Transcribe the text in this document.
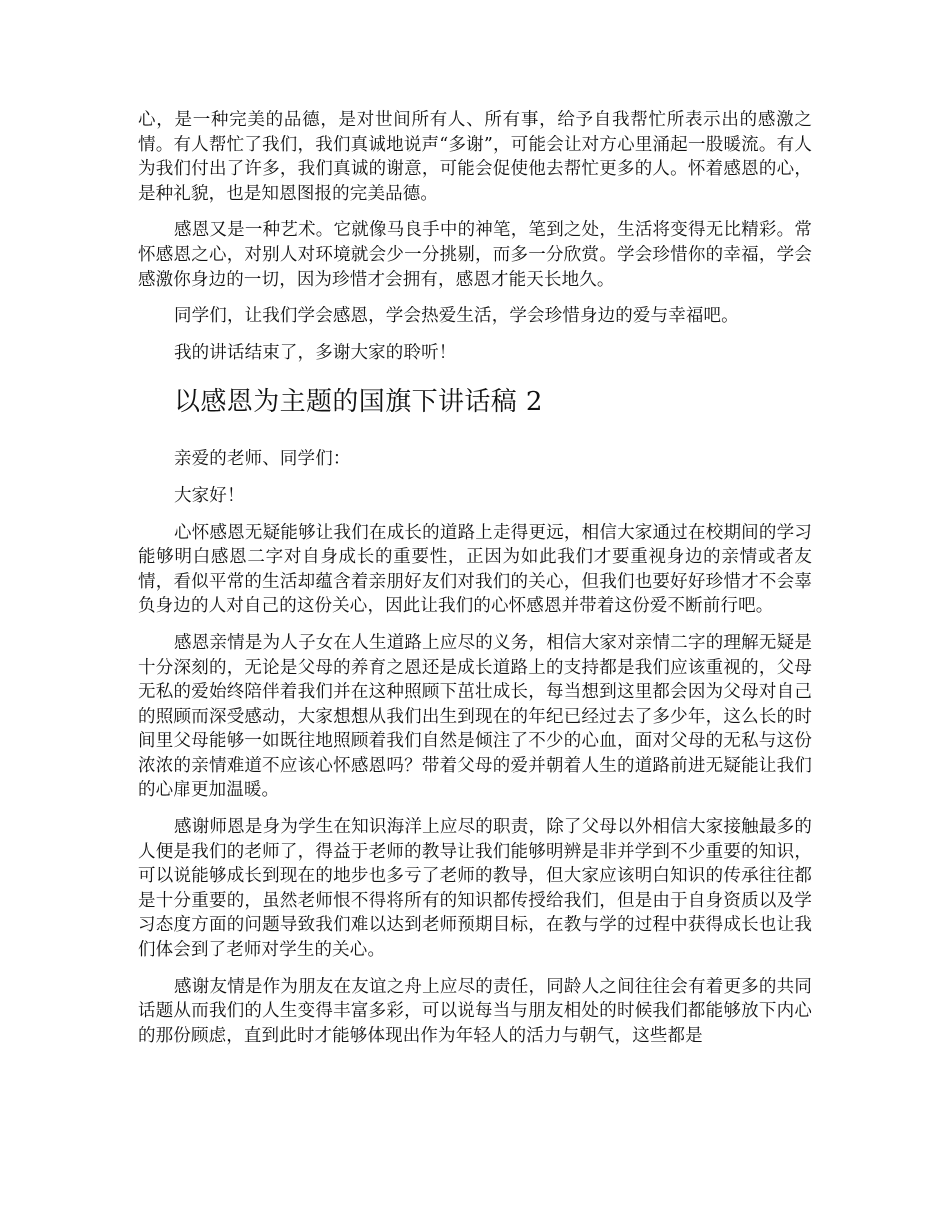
心，是一种完美的品德，是对世间所有人、所有事，给予自我帮忙所表示出的感激之情。有人帮忙了我们，我们真诚地说声“多谢”，可能会让对方心里涌起一股暖流。有人为我们付出了许多，我们真诚的谢意，可能会促使他去帮忙更多的人。怀着感恩的心，是种礼貌，也是知恩图报的完美品德。

感恩又是一种艺术。它就像马良手中的神笔，笔到之处，生活将变得无比精彩。常怀感恩之心，对别人对环境就会少一分挑剔，而多一分欣赏。学会珍惜你的幸福，学会感激你身边的一切，因为珍惜才会拥有，感恩才能天长地久。

同学们，让我们学会感恩，学会热爱生活，学会珍惜身边的爱与幸福吧。

我的讲话结束了，多谢大家的聆听！

以感恩为主题的国旗下讲话稿 2

亲爱的老师、同学们：

大家好！

心怀感恩无疑能够让我们在成长的道路上走得更远，相信大家通过在校期间的学习能够明白感恩二字对自身成长的重要性，正因为如此我们才要重视身边的亲情或者友情，看似平常的生活却蕴含着亲朋好友们对我们的关心，但我们也要好好珍惜才不会辜负身边的人对自己的这份关心，因此让我们的心怀感恩并带着这份爱不断前行吧。

感恩亲情是为人子女在人生道路上应尽的义务，相信大家对亲情二字的理解无疑是十分深刻的，无论是父母的养育之恩还是成长道路上的支持都是我们应该重视的，父母无私的爱始终陪伴着我们并在这种照顾下茁壮成长，每当想到这里都会因为父母对自己的照顾而深受感动，大家想想从我们出生到现在的年纪已经过去了多少年，这么长的时间里父母能够一如既往地照顾着我们自然是倾注了不少的心血，面对父母的无私与这份浓浓的亲情难道不应该心怀感恩吗？带着父母的爱并朝着人生的道路前进无疑能让我们的心扉更加温暖。

感谢师恩是身为学生在知识海洋上应尽的职责，除了父母以外相信大家接触最多的人便是我们的老师了，得益于老师的教导让我们能够明辨是非并学到不少重要的知识，可以说能够成长到现在的地步也多亏了老师的教导，但大家应该明白知识的传承往往都是十分重要的，虽然老师恨不得将所有的知识都传授给我们，但是由于自身资质以及学习态度方面的问题导致我们难以达到老师预期目标，在教与学的过程中获得成长也让我们体会到了老师对学生的关心。

感谢友情是作为朋友在友谊之舟上应尽的责任，同龄人之间往往会有着更多的共同话题从而我们的人生变得丰富多彩，可以说每当与朋友相处的时候我们都能够放下内心的那份顾虑，直到此时才能够体现出作为年轻人的活力与朝气，这些都是
